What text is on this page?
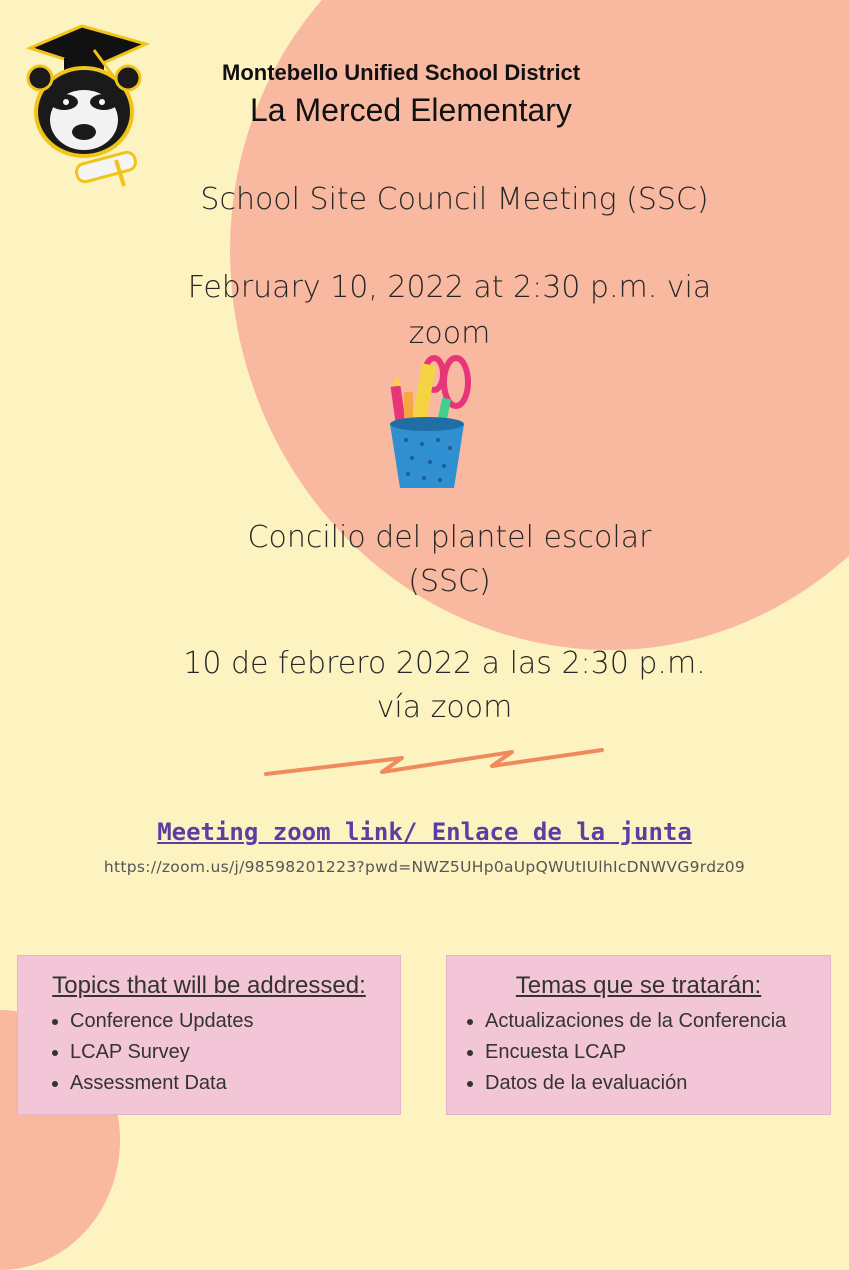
Montebello Unified School District
La Merced Elementary
School Site Council Meeting (SSC)
February 10, 2022 at 2:30 p.m. via
zoom
Concilio del plantel escolar
(SSC)
10 de febrero 2022 a las 2:30 p.m.
vía zoom
Meeting zoom link/ Enlace de la junta
https://zoom.us/j/98598201223?pwd=NWZ5UHp0aUpQWUtIUlhIcDNWVG9rdz09
Topics that will be addressed:
• Conference Updates
• LCAP Survey
• Assessment Data
Temas que se tratarán:
• Actualizaciones de la Conferencia
• Encuesta LCAP
• Datos de la evaluación
